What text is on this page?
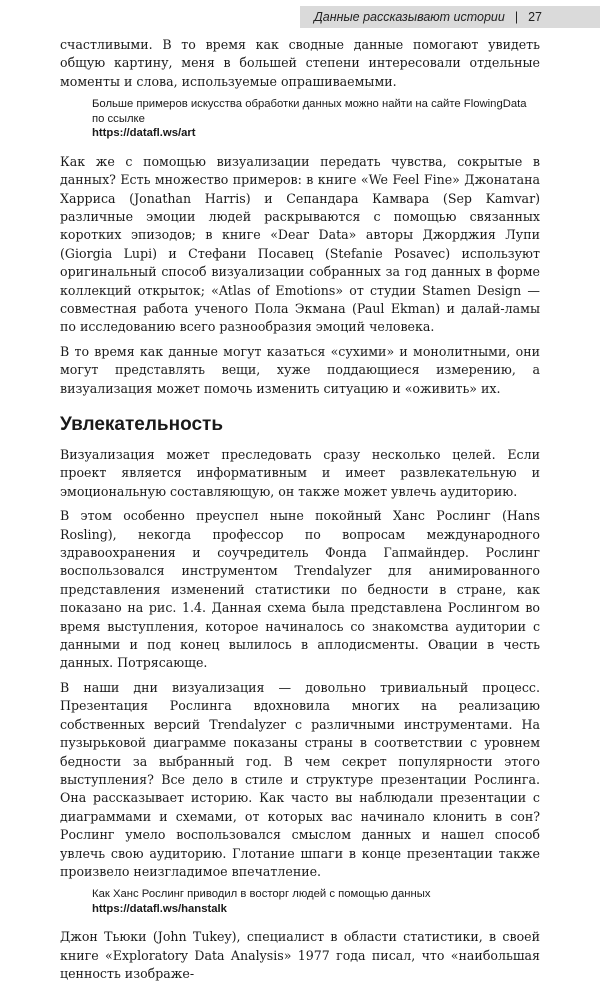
Данные рассказывают истории | 27

счастливыми. В то время как сводные данные помогают увидеть общую картину, меня в большей степени интересовали отдельные моменты и слова, используемые опрашиваемыми.

Больше примеров искусства обработки данных можно найти на сайте FlowingData по ссылке
https://datafl.ws/art

Как же с помощью визуализации передать чувства, сокрытые в данных? Есть множество примеров: в книге «We Feel Fine» Джонатана Харриса (Jonathan Harris) и Сепандара Камвара (Sep Kamvar) различные эмоции людей раскрываются с помощью связанных коротких эпизодов; в книге «Dear Data» авторы Джорджия Лупи (Giorgia Lupi) и Стефани Посавец (Stefanie Posavec) используют оригинальный способ визуализации собранных за год данных в форме коллекций открыток; «Atlas of Emotions» от студии Stamen Design — совместная работа ученого Пола Экмана (Paul Ekman) и далай-ламы по исследованию всего разнообразия эмоций человека.

В то время как данные могут казаться «сухими» и монолитными, они могут представлять вещи, хуже поддающиеся измерению, а визуализация может помочь изменить ситуацию и «оживить» их.

Увлекательность

Визуализация может преследовать сразу несколько целей. Если проект является информативным и имеет развлекательную и эмоциональную составляющую, он также может увлечь аудиторию.

В этом особенно преуспел ныне покойный Ханс Рослинг (Hans Rosling), некогда профессор по вопросам международного здравоохранения и соучредитель Фонда Гапмайндер. Рослинг воспользовался инструментом Trendalyzer для анимированного представления изменений статистики по бедности в стране, как показано на рис. 1.4. Данная схема была представлена Рослингом во время выступления, которое начиналось со знакомства аудитории с данными и под конец вылилось в аплодисменты. Овации в честь данных. Потрясающе.

В наши дни визуализация — довольно тривиальный процесс. Презентация Рослинга вдохновила многих на реализацию собственных версий Trendalyzer с различными инструментами. На пузырьковой диаграмме показаны страны в соответствии с уровнем бедности за выбранный год. В чем секрет популярности этого выступления? Все дело в стиле и структуре презентации Рослинга. Она рассказывает историю. Как часто вы наблюдали презентации с диаграммами и схемами, от которых вас начинало клонить в сон? Рослинг умело воспользовался смыслом данных и нашел способ увлечь свою аудиторию. Глотание шпаги в конце презентации также произвело неизгладимое впечатление.

Как Ханс Рослинг приводил в восторг людей с помощью данных
https://datafl.ws/hanstalk

Джон Тьюки (John Tukey), специалист в области статистики, в своей книге «Exploratory Data Analysis» 1977 года писал, что «наибольшая ценность изображе-
